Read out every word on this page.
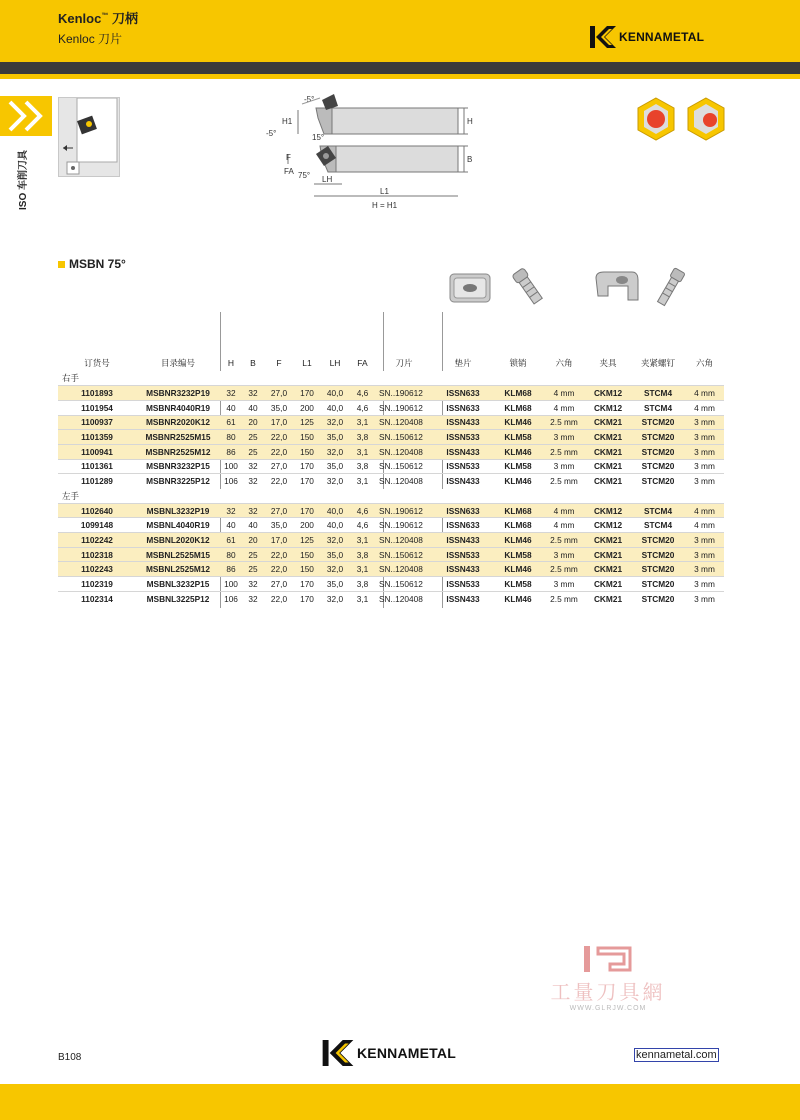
Kenloc™ 刀柄
Kenloc 刀片	KENNAMETAL
ISO 车削刀具
H
H1
-5°
B
-5°	15°
F
FA 75° LH
L1
H = H1
MSBN 75°
订货号	目录编号	H	B	F	L1	LH	FA	刀片	垫片	锁销	六角	夹具	夹紧螺钉	六角
右手														
1101893	MSBNR3232P19	32	32	27,0	170	40,0	4,6	SN..190612	ISSN633	KLM68	4 mm	CKM12	STCM4	4 mm
1101954	MSBNR4040R19	40	40	35,0	200	40,0	4,6	SN..190612	ISSN633	KLM68	4 mm	CKM12	STCM4	4 mm
1100937	MSBNR2020K12	61	20	17,0	125	32,0	3,1	SN..120408	ISSN433	KLM46	2.5 mm	CKM21	STCM20	3 mm
1101359	MSBNR2525M15	80	25	22,0	150	35,0	3,8	SN..150612	ISSN533	KLM58	3 mm	CKM21	STCM20	3 mm
1100941	MSBNR2525M12	86	25	22,0	150	32,0	3,1	SN..120408	ISSN433	KLM46	2.5 mm	CKM21	STCM20	3 mm
1101361	MSBNR3232P15	100	32	27,0	170	35,0	3,8	SN..150612	ISSN533	KLM58	3 mm	CKM21	STCM20	3 mm
1101289	MSBNR3225P12	106	32	22,0	170	32,0	3,1	SN..120408	ISSN433	KLM46	2.5 mm	CKM21	STCM20	3 mm
左手														
1102640	MSBNL3232P19	32	32	27,0	170	40,0	4,6	SN..190612	ISSN633	KLM68	4 mm	CKM12	STCM4	4 mm
1099148	MSBNL4040R19	40	40	35,0	200	40,0	4,6	SN..190612	ISSN633	KLM68	4 mm	CKM12	STCM4	4 mm
1102242	MSBNL2020K12	61	20	17,0	125	32,0	3,1	SN..120408	ISSN433	KLM46	2.5 mm	CKM21	STCM20	3 mm
1102318	MSBNL2525M15	80	25	22,0	150	35,0	3,8	SN..150612	ISSN533	KLM58	3 mm	CKM21	STCM20	3 mm
1102243	MSBNL2525M12	86	25	22,0	150	32,0	3,1	SN..120408	ISSN433	KLM46	2.5 mm	CKM21	STCM20	3 mm
1102319	MSBNL3232P15	100	32	27,0	170	35,0	3,8	SN..150612	ISSN533	KLM58	3 mm	CKM21	STCM20	3 mm
1102314	MSBNL3225P12	106	32	22,0	170	32,0	3,1	SN..120408	ISSN433	KLM46	2.5 mm	CKM21	STCM20	3 mm
工量刀具網
WWW.GLRJW.COM
B108	KENNAMETAL	kennametal.com
